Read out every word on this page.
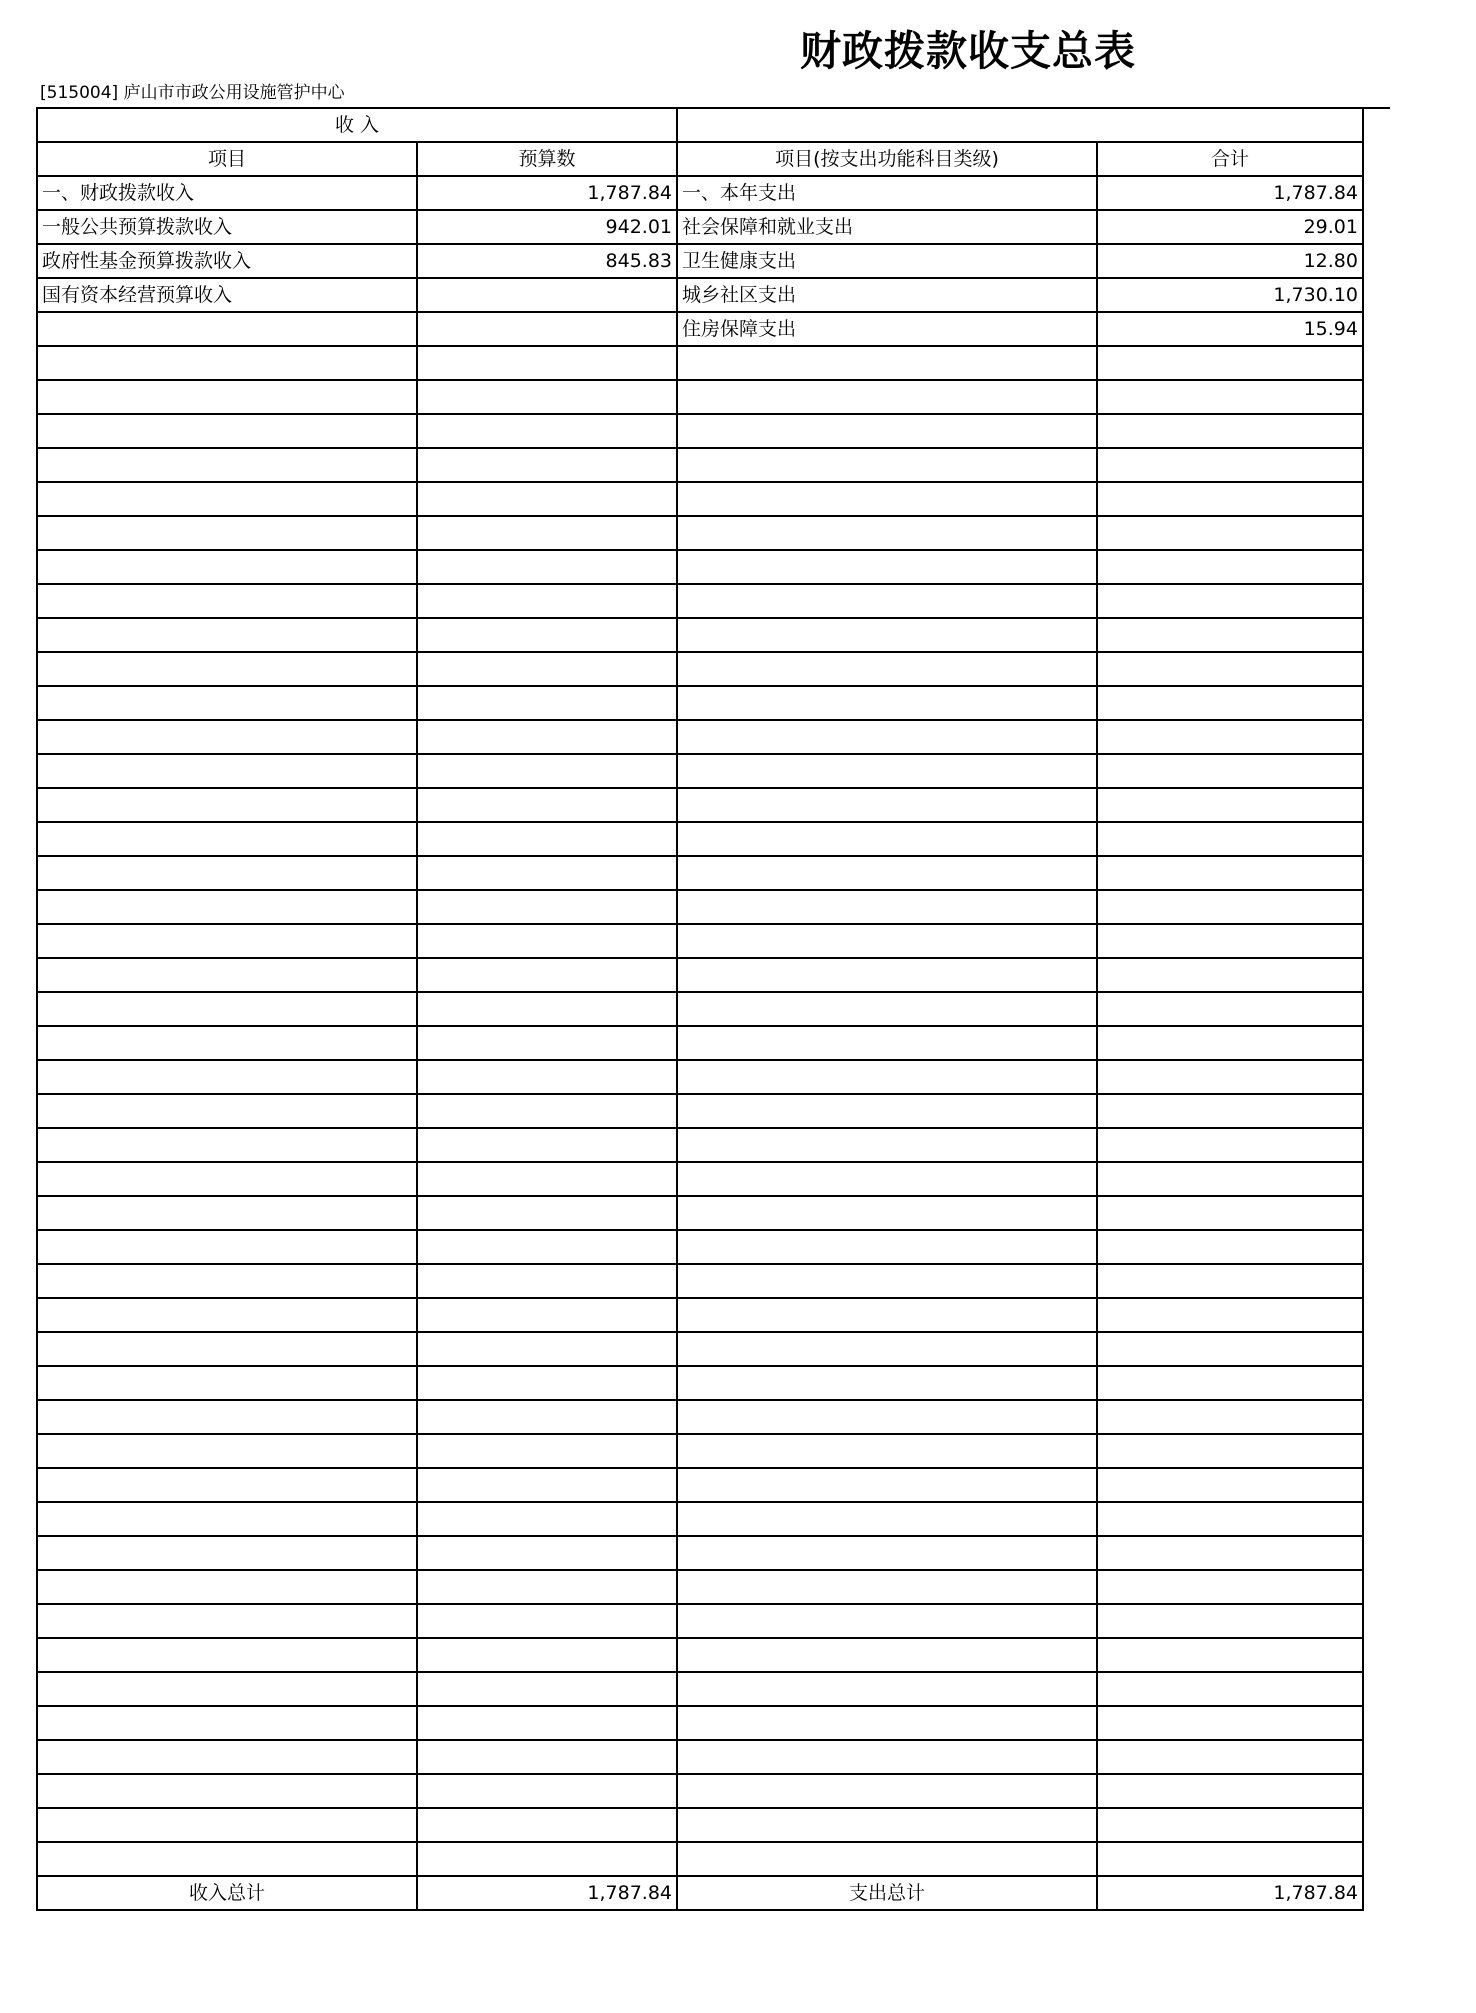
财政拨款收支总表
[515004] 庐山市市政公用设施管护中心
收 入			
项目	预算数	项目(按支出功能科目类级)	合计
一、财政拨款收入	1,787.84	一、本年支出	1,787.84
一般公共预算拨款收入	942.01	社会保障和就业支出	29.01
政府性基金预算拨款收入	845.83	卫生健康支出	12.80
国有资本经营预算收入		城乡社区支出	1,730.10
		住房保障支出	15.94

收入总计	1,787.84	支出总计	1,787.84
